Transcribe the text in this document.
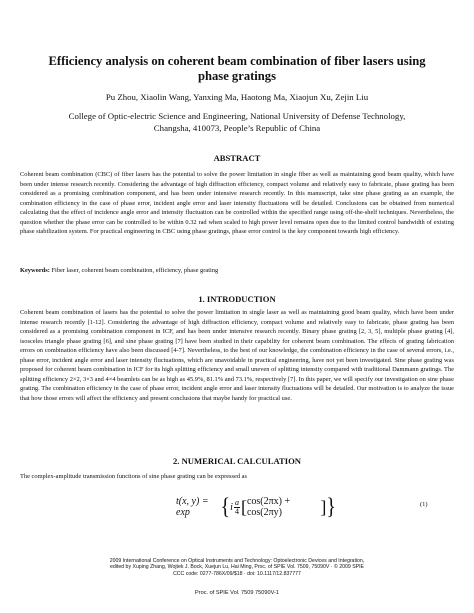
Efficiency analysis on coherent beam combination of fiber lasers using phase gratings
Pu Zhou, Xiaolin Wang, Yanxing Ma, Haotong Ma, Xiaojun Xu, Zejin Liu
College of Optic-electric Science and Engineering, National University of Defense Technology,
Changsha, 410073, People’s Republic of China
ABSTRACT

Coherent beam combination (CBC) of fiber lasers has the potential to solve the power limitation in single fiber as well as maintaining good beam quality, which have been under intense research recently. Considering the advantage of high diffraction efficiency, compact volume and relatively easy to fabricate, phase grating has been considered as a promising combination component, and has been under intensive research recently. In this manuscript, take sine phase grating as an example, the combination efficiency in the case of phase error, incident angle error and laser intensity fluctuations will be detailed. Conclusions can be obtained from numerical calculating that the effect of incidence angle error and intensity fluctuation can be controlled within the specified range using off-the-shelf techniques. Nevertheless, the question whether the phase error can be controlled to be within 0.32 rad when scaled to high power level remains open due to the limited control bandwidth of existing phase stabilization system. For practical engineering in CBC using phase gratings, phase error control is the key component towards high efficiency.

Keywords: Fiber laser, coherent beam combination, efficiency, phase grating
1. INTRODUCTION

Coherent beam combination of lasers has the potential to solve the power limitation in single laser as well as maintaining good beam quality, which have been under intense research recently [1-12]. Considering the advantage of high diffraction efficiency, compact volume and relatively easy to fabricate, phase grating has been considered as a promising combination component in ICF, and has been under intensive research recently. Binary phase grating [2, 3, 5], multiple phase grating [4], isosceles triangle phase grating [6], and sine phase grating [7] have been studied in their capability for coherent beam combination. The effects of grating fabrication errors on combination efficiency have also been discussed [4-7]. Nevertheless, to the best of our knowledge, the combination efficiency in the case of several errors, i.e., phase error, incident angle error and laser intensity fluctuations, which are unavoidable in practical engineering, have not yet been investigated. Sine phase grating was proposed for coherent beam combination in ICF for its high splitting efficiency and small uneven of splitting intensity compared with traditional Dammann gratings. The splitting efficiency 2×2, 3×3 and 4×4 beamlets can be as high as 45.9%, 81.1% and 73.1%, respectively [7]. In this paper, we will specify our investigation on sine phase grating. The combination efficiency in the case of phase error, incident angle error and laser intensity fluctuations will be detailed. Our motivation is to analyze the issue that how those errors will affect the efficiency and present conclusions that maybe handy for practical use.

2. NUMERICAL CALCULATION

The complex-amplitude transmission functions of sine phase grating can be expressed as

t(x, y) = exp	{ i $\frac{a}{4}$ [ cos(2πx) + cos(2πy)	] }	(1)
2009 International Conference on Optical Instruments and Technology: Optoelectronic Devices and Integration,
edited by Xuping Zhang, Wojtek J. Bock, Xuejun Lu, Hai Ming, Proc. of SPIE Vol. 7509, 75090V · © 2009 SPIE
CCC code: 0277-786X/09/$18 · doi: 10.1117/12.837777
Proc. of SPIE Vol. 7509 75090V-1
